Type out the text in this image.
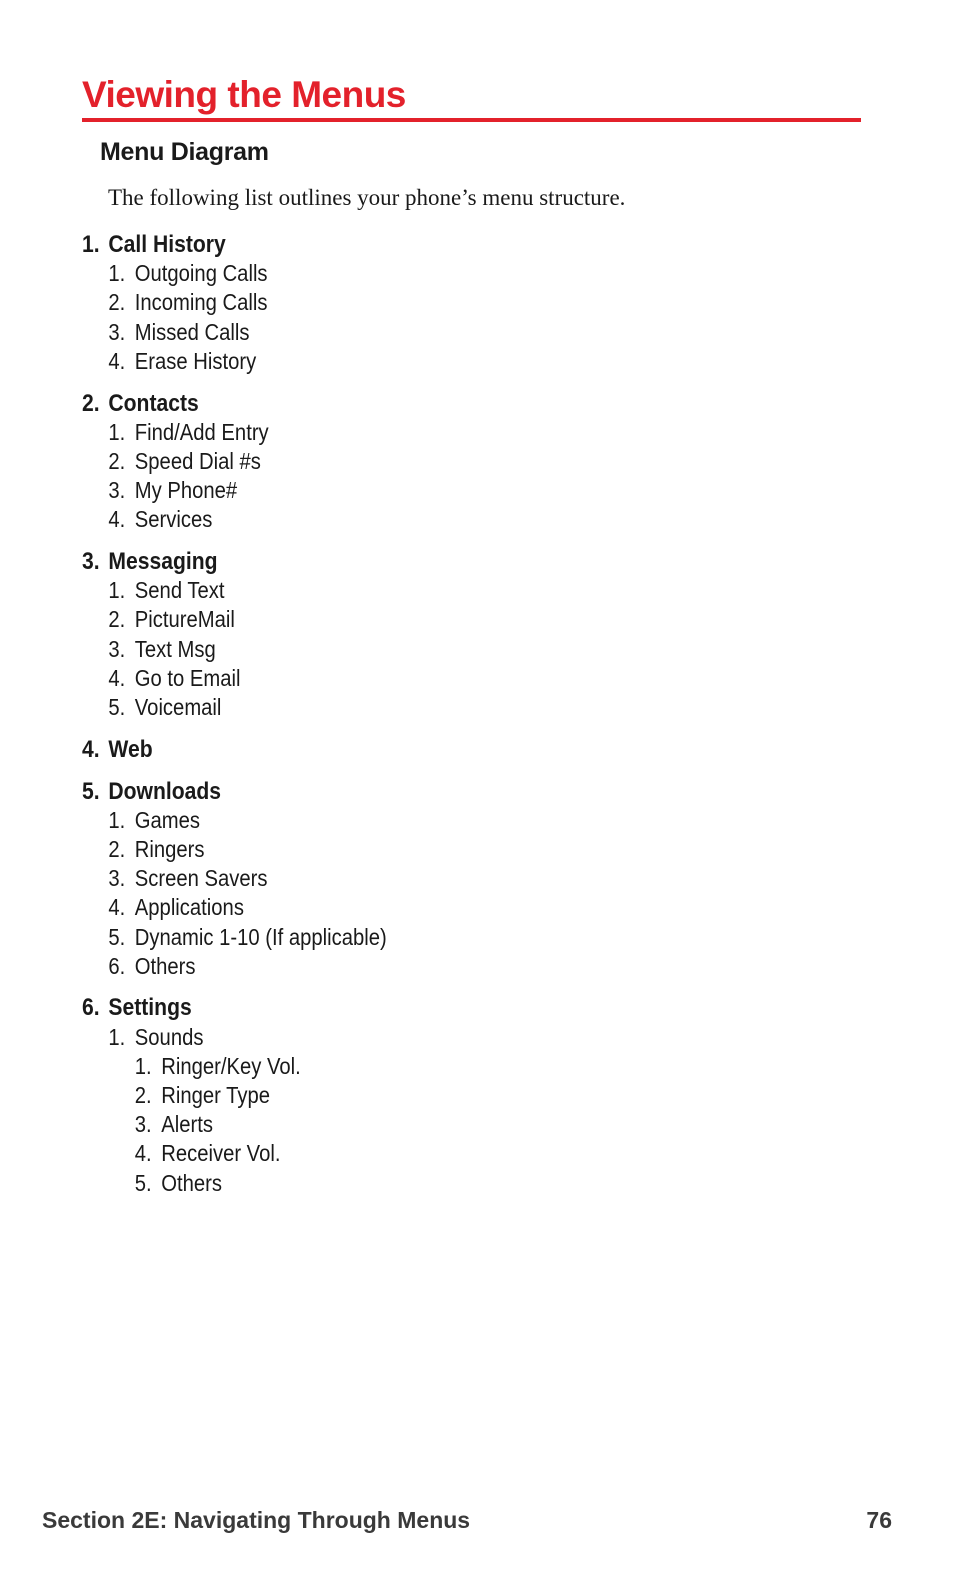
Viewing the Menus
Menu Diagram

The following list outlines your phone’s menu structure.

1. Call History
1. Outgoing Calls
2. Incoming Calls
3. Missed Calls
4. Erase History
2. Contacts
1. Find/Add Entry
2. Speed Dial #s
3. My Phone#
4. Services
3. Messaging
1. Send Text
2. PictureMail
3. Text Msg
4. Go to Email
5. Voicemail
4. Web
5. Downloads
1. Games
2. Ringers
3. Screen Savers
4. Applications
5. Dynamic 1-10 (If applicable)
6. Others
6. Settings
1. Sounds
1. Ringer/Key Vol.
2. Ringer Type
3. Alerts
4. Receiver Vol.
5. Others

Section 2E: Navigating Through Menus	76
